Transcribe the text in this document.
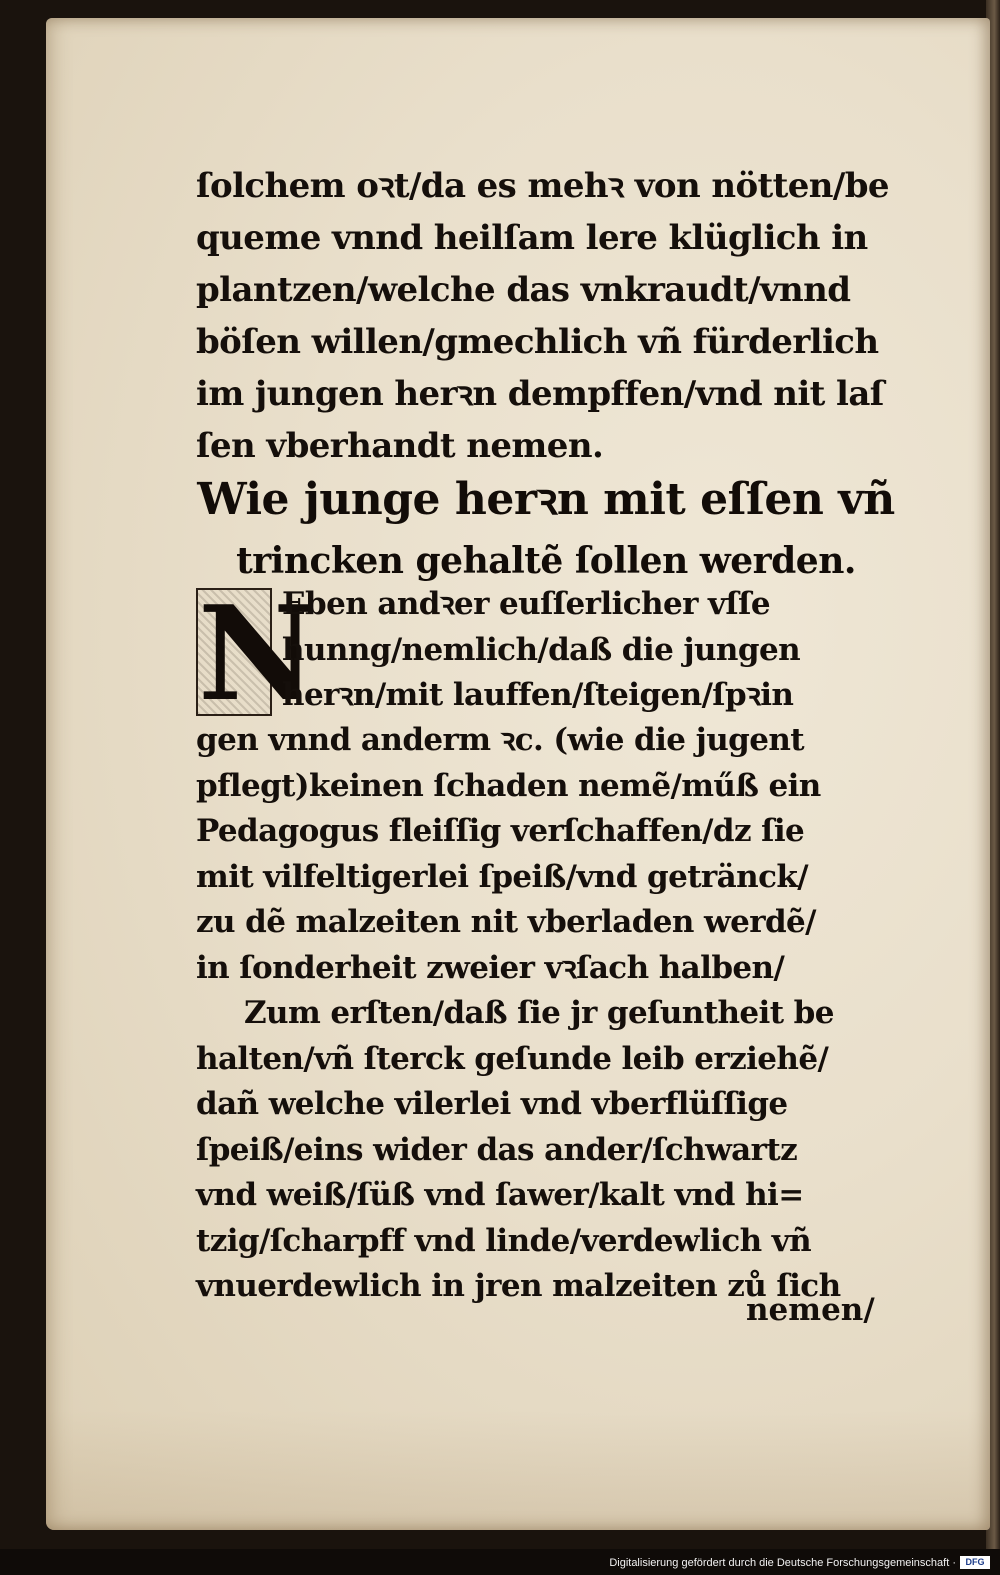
ſolchem oꝛt/da es mehꝛ von nötten/be
queme vnnd heilſam lere klüglich in
plantzen/welche das vnkraudt/vnnd
böſen willen/gmechlich vñ fürderlich
im jungen herꝛn dempffen/vnd nit laſ
ſen vberhandt nemen.
Wie junge herꝛn mit eſſen vñ
trincken gehaltẽ ſollen werden.
N
Eben andꝛer euſſerlicher vſſe
hunng/nemlich/daß die jungen
herꝛn/mit lauffen/ſteigen/ſpꝛin
gen vnnd anderm ꝛc. (wie die jugent
pflegt)keinen ſchaden nemẽ/műß ein
Pedagogus fleiſſig verſchaffen/dz ſie
mit vilfeltigerlei ſpeiß/vnd getränck/
zu dẽ malzeiten nit vberladen werdẽ/
in ſonderheit zweier vꝛſach halben/
Zum erſten/daß ſie jr geſuntheit be
halten/vñ ſterck geſunde leib erziehẽ/
dañ welche vilerlei vnd vberflüſſige
ſpeiß/eins wider das ander/ſchwartz
vnd weiß/ſüß vnd ſawer/kalt vnd hi=
tzig/ſcharpff vnd linde/verdewlich vñ
vnuerdewlich in jren malzeiten zů ſich
nemen/
Digitalisierung gefördert durch die Deutsche Forschungsgemeinschaft ·	DFG
